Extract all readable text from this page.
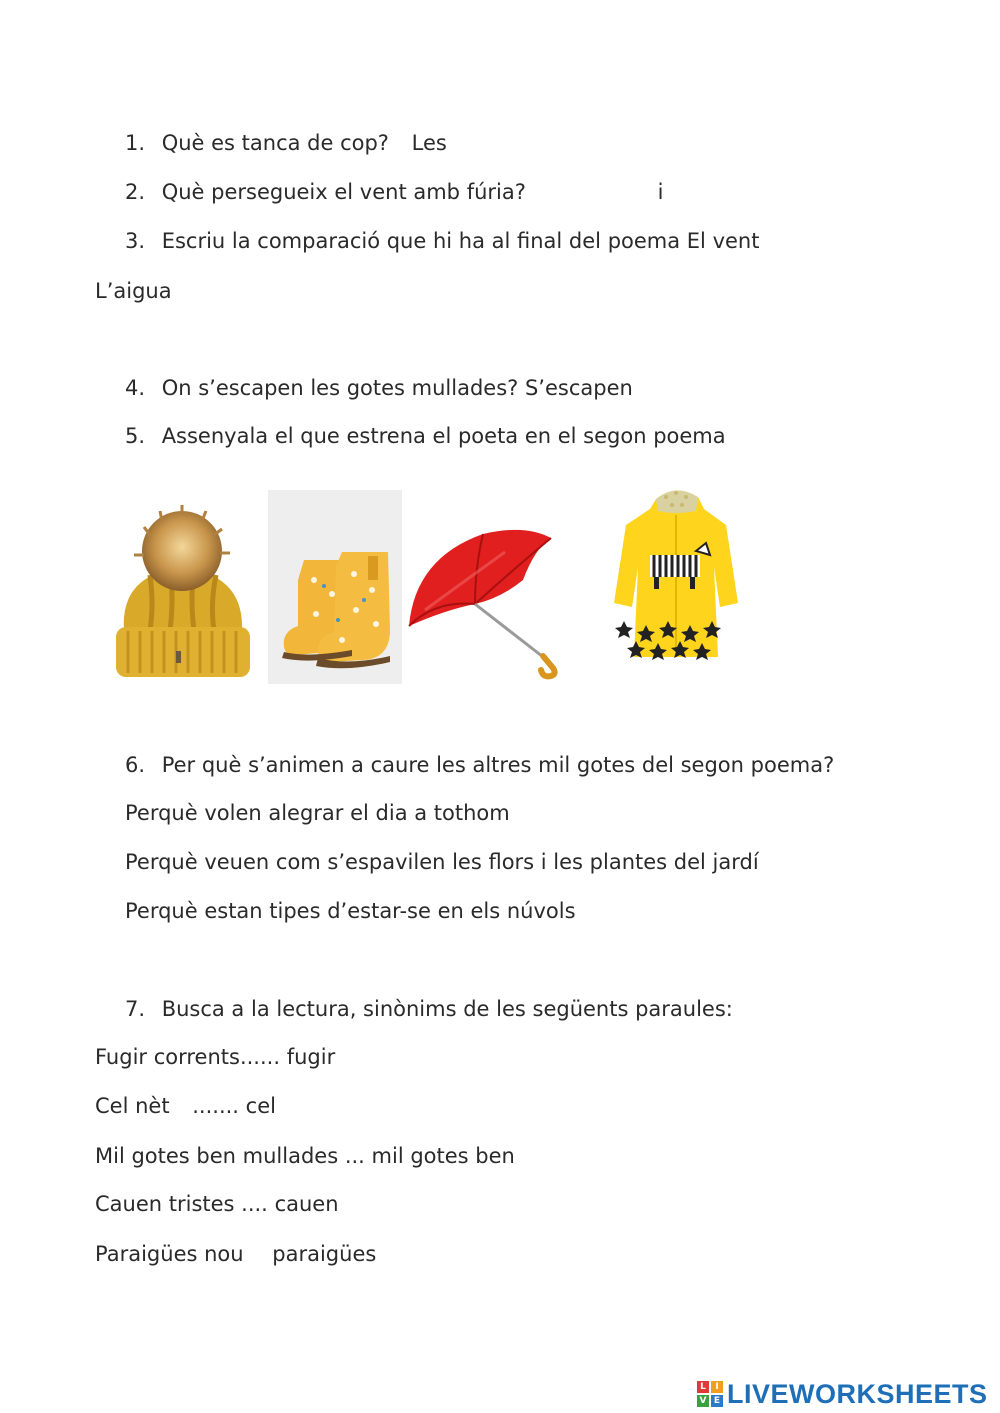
1. Què es tanca de cop? Les
2. Què persegueix el vent amb fúria?	i
3. Escriu la comparació que hi ha al final del poema El vent
L’aigua
4. On s’escapen les gotes mullades? S’escapen
5. Assenyala el que estrena el poeta en el segon poema
6. Per què s’animen a caure les altres mil gotes del segon poema?
Perquè volen alegrar el dia a tothom
Perquè veuen com s’espavilen les flors i les plantes del jardí
Perquè estan tipes d’estar-se en els núvols
7. Busca a la lectura, sinònims de les següents paraules:
Fugir corrents...... fugir
Cel nèt ....... cel
Mil gotes ben mullades ... mil gotes ben
Cauen tristes .... cauen
Paraigües nou paraigües
L	I
V E LIVEWORKSHEETS
